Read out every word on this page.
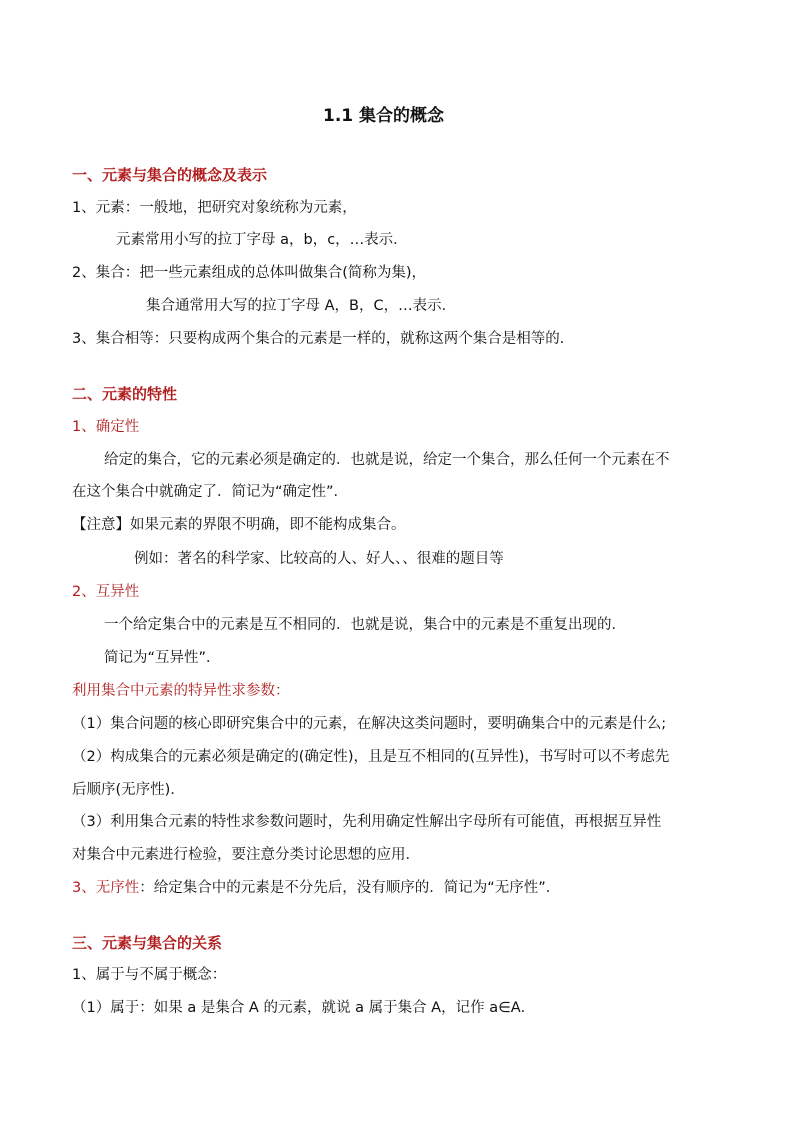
1.1 集合的概念
一、元素与集合的概念及表示
1、元素：一般地，把研究对象统称为元素，
元素常用小写的拉丁字母 a，b，c，…表示．
2、集合：把一些元素组成的总体叫做集合(简称为集)，
集合通常用大写的拉丁字母 A，B，C，…表示．
3、集合相等：只要构成两个集合的元素是一样的，就称这两个集合是相等的．
二、元素的特性
1、确定性
给定的集合，它的元素必须是确定的．也就是说，给定一个集合，那么任何一个元素在不
在这个集合中就确定了．简记为“确定性”．
【注意】如果元素的界限不明确，即不能构成集合。
例如：著名的科学家、比较高的人、好人、、很难的题目等
2、互异性
一个给定集合中的元素是互不相同的．也就是说，集合中的元素是不重复出现的．
简记为“互异性”．
利用集合中元素的特异性求参数：
（1）集合问题的核心即研究集合中的元素，在解决这类问题时，要明确集合中的元素是什么;
（2）构成集合的元素必须是确定的(确定性)，且是互不相同的(互异性)，书写时可以不考虑先
后顺序(无序性)．
（3）利用集合元素的特性求参数问题时，先利用确定性解出字母所有可能值，再根据互异性
对集合中元素进行检验，要注意分类讨论思想的应用．
3、无序性：给定集合中的元素是不分先后，没有顺序的．简记为“无序性”．
三、元素与集合的关系
1、属于与不属于概念：
（1）属于：如果 a 是集合 A 的元素，就说 a 属于集合 A，记作 a∈A．
